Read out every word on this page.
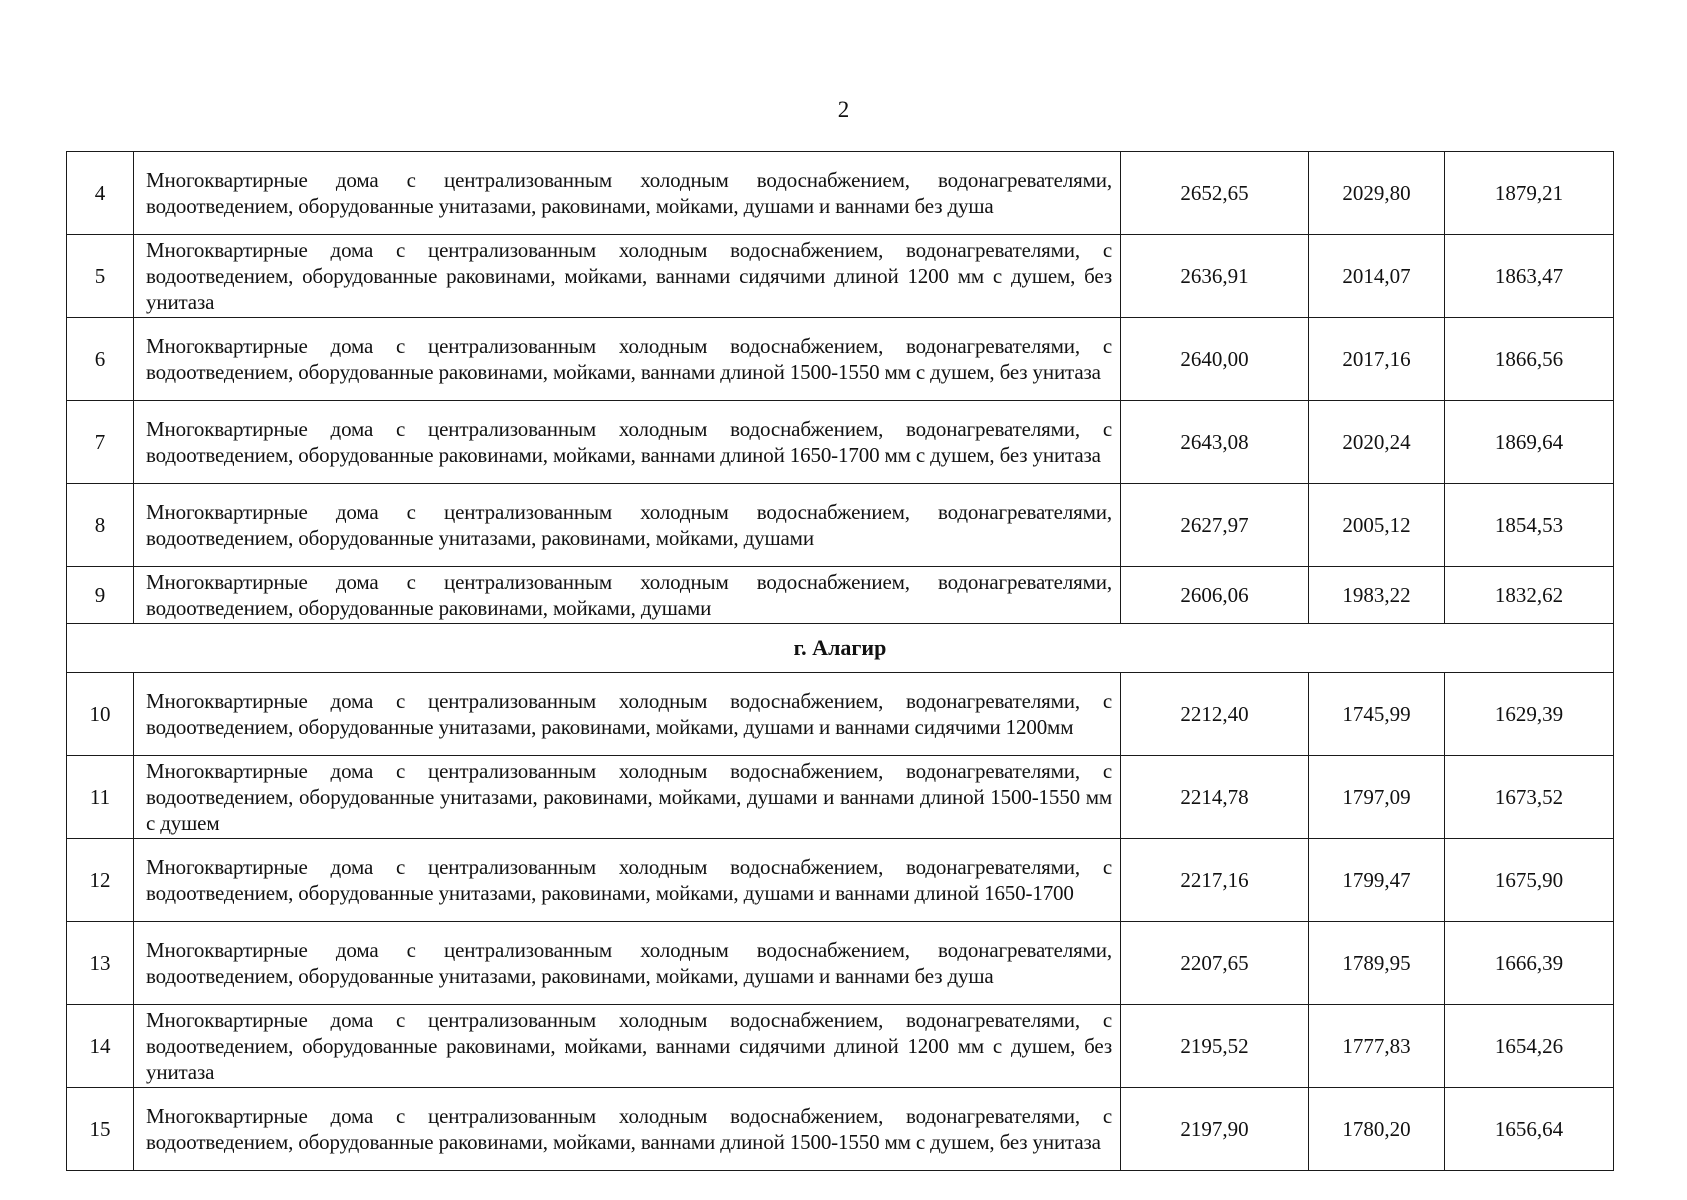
2
4	Многоквартирные дома с централизованным холодным водоснабжением, водонагревателями, водоотведением, оборудованные унитазами, раковинами, мойками, душами и ваннами без душа	2652,65	2029,80	1879,21
5	Многоквартирные дома с централизованным холодным водоснабжением, водонагревателями, с водоотведением, оборудованные раковинами, мойками, ваннами сидячими длиной 1200 мм с душем, без унитаза	2636,91	2014,07	1863,47
6	Многоквартирные дома с централизованным холодным водоснабжением, водонагревателями, с водоотведением, оборудованные раковинами, мойками, ваннами длиной 1500-1550 мм с душем, без унитаза	2640,00	2017,16	1866,56
7	Многоквартирные дома с централизованным холодным водоснабжением, водонагревателями, с водоотведением, оборудованные раковинами, мойками, ваннами длиной 1650-1700 мм с душем, без унитаза	2643,08	2020,24	1869,64
8	Многоквартирные дома с централизованным холодным водоснабжением, водонагревателями, водоотведением, оборудованные унитазами, раковинами, мойками, душами	2627,97	2005,12	1854,53
9	Многоквартирные дома с централизованным холодным водоснабжением, водонагревателями, водоотведением, оборудованные раковинами, мойками, душами	2606,06	1983,22	1832,62
г. Алагир				
10	Многоквартирные дома с централизованным холодным водоснабжением, водонагревателями, с водоотведением, оборудованные унитазами, раковинами, мойками, душами и ваннами сидячими 1200мм	2212,40	1745,99	1629,39
11	Многоквартирные дома с централизованным холодным водоснабжением, водонагревателями, с водоотведением, оборудованные унитазами, раковинами, мойками, душами и ваннами длиной 1500-1550 мм с душем	2214,78	1797,09	1673,52
12	Многоквартирные дома с централизованным холодным водоснабжением, водонагревателями, с водоотведением, оборудованные унитазами, раковинами, мойками, душами и ваннами длиной 1650-1700	2217,16	1799,47	1675,90
13	Многоквартирные дома с централизованным холодным водоснабжением, водонагревателями, водоотведением, оборудованные унитазами, раковинами, мойками, душами и ваннами без душа	2207,65	1789,95	1666,39
14	Многоквартирные дома с централизованным холодным водоснабжением, водонагревателями, с водоотведением, оборудованные раковинами, мойками, ваннами сидячими длиной 1200 мм с душем, без унитаза	2195,52	1777,83	1654,26
15	Многоквартирные дома с централизованным холодным водоснабжением, водонагревателями, с водоотведением, оборудованные раковинами, мойками, ваннами длиной 1500-1550 мм с душем, без унитаза	2197,90	1780,20	1656,64
